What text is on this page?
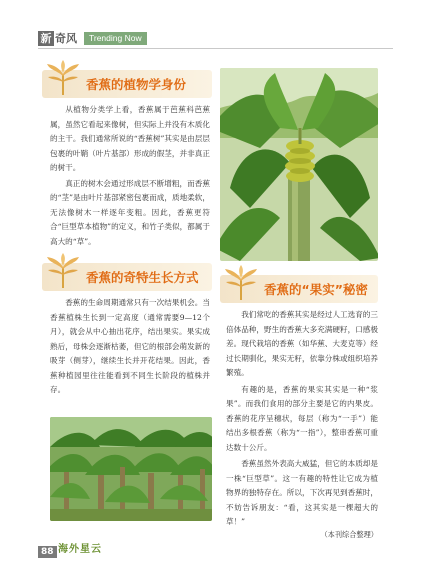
新 奇风	Trending Now
香蕉的植物学身份

从植物分类学上看，香蕉属于芭蕉科芭蕉属，虽然它看起来像树，但实际上并没有木质化的主干。我们通常所说的“香蕉树”其实是由层层包裹的叶鞘（叶片基部）形成的假茎，并非真正的树干。

真正的树木会通过形成层不断增粗，而香蕉的“茎”是由叶片基部紧密包裹而成，质地柔软，无法像树木一样逐年变粗。因此，香蕉更符合“巨型草本植物”的定义，和竹子类似，都属于高大的“草”。

香蕉的奇特生长方式

香蕉的生命周期通常只有一次结果机会。当香蕉植株生长到一定高度（通常需要9—12个月），就会从中心抽出花序，结出果实。果实成熟后，母株会逐渐枯萎，但它的根部会萌发新的吸芽（侧芽），继续生长并开花结果。因此，香蕉种植园里往往能看到不同生长阶段的植株并存。

香蕉的“果实”秘密

我们常吃的香蕉其实是经过人工选育的三倍体品种，野生的香蕉大多充满硬籽，口感极差。现代栽培的香蕉（如华蕉、大麦克等）经过长期驯化，果实无籽，依靠分株或组织培养繁殖。

有趣的是，香蕉的果实其实是一种“浆果”。而我们食用的部分主要是它的内果皮。香蕉的花序呈穗状，每层（称为“一手”）能结出多根香蕉（称为“一指”），整串香蕉可重达数十公斤。

香蕉虽然外表高大威猛，但它的本质却是一株“巨型草”。这一有趣的特性让它成为植物界的独特存在。所以，下次再见到香蕉时，不妨告诉朋友：“看，这其实是一棵超大的草！”

（本刊综合整理）
88 海外星云
